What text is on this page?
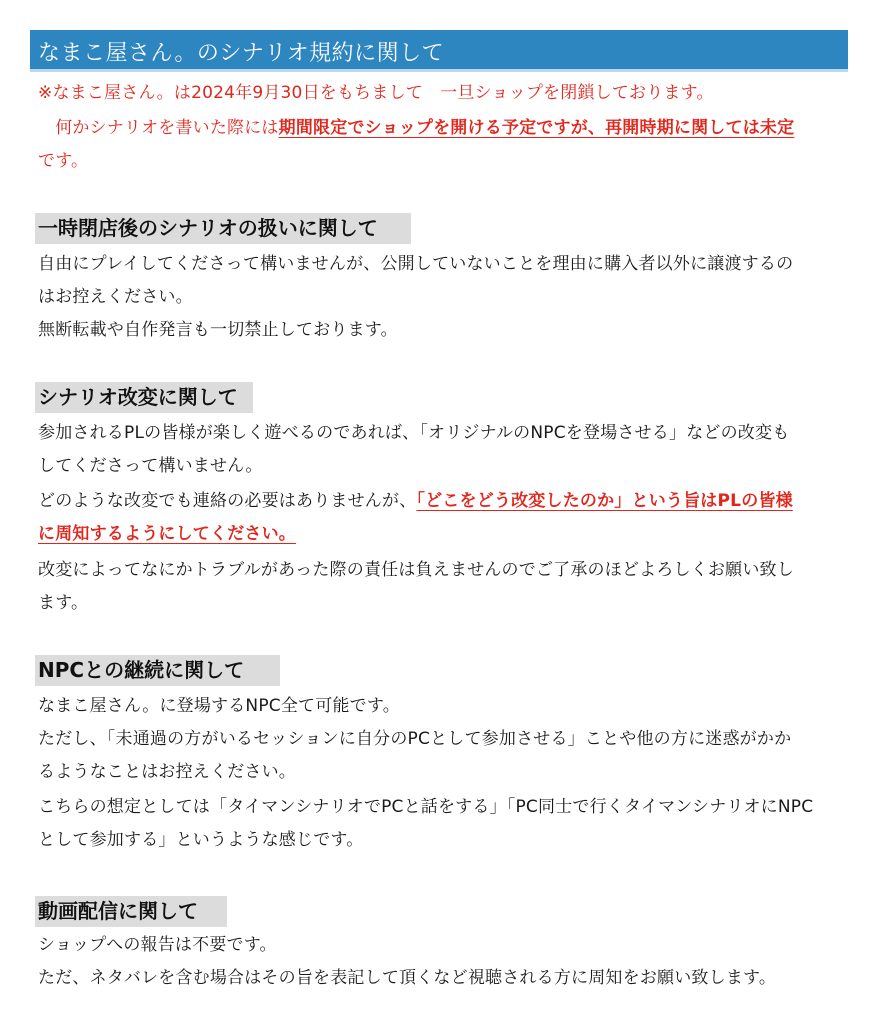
なまこ屋さん。のシナリオ規約に関して
※なまこ屋さん。は2024年9月30日をもちまして　一旦ショップを閉鎖しております。
　何かシナリオを書いた際には期間限定でショップを開ける予定ですが、再開時期に関しては未定
です。
一時閉店後のシナリオの扱いに関して
自由にプレイしてくださって構いませんが、公開していないことを理由に購入者以外に譲渡するの
はお控えください。
無断転載や自作発言も一切禁止しております。
シナリオ改変に関して
参加されるPLの皆様が楽しく遊べるのであれば、「オリジナルのNPCを登場させる」などの改変も
してくださって構いません。
どのような改変でも連絡の必要はありませんが、「どこをどう改変したのか」という旨はPLの皆様
に周知するようにしてください。
改変によってなにかトラブルがあった際の責任は負えませんのでご了承のほどよろしくお願い致し
ます。
NPCとの継続に関して
なまこ屋さん。に登場するNPC全て可能です。
ただし、「未通過の方がいるセッションに自分のPCとして参加させる」ことや他の方に迷惑がかか
るようなことはお控えください。
こちらの想定としては「タイマンシナリオでPCと話をする」「PC同士で行くタイマンシナリオにNPC
として参加する」というような感じです。
動画配信に関して
ショップへの報告は不要です。
ただ、ネタバレを含む場合はその旨を表記して頂くなど視聴される方に周知をお願い致します。
